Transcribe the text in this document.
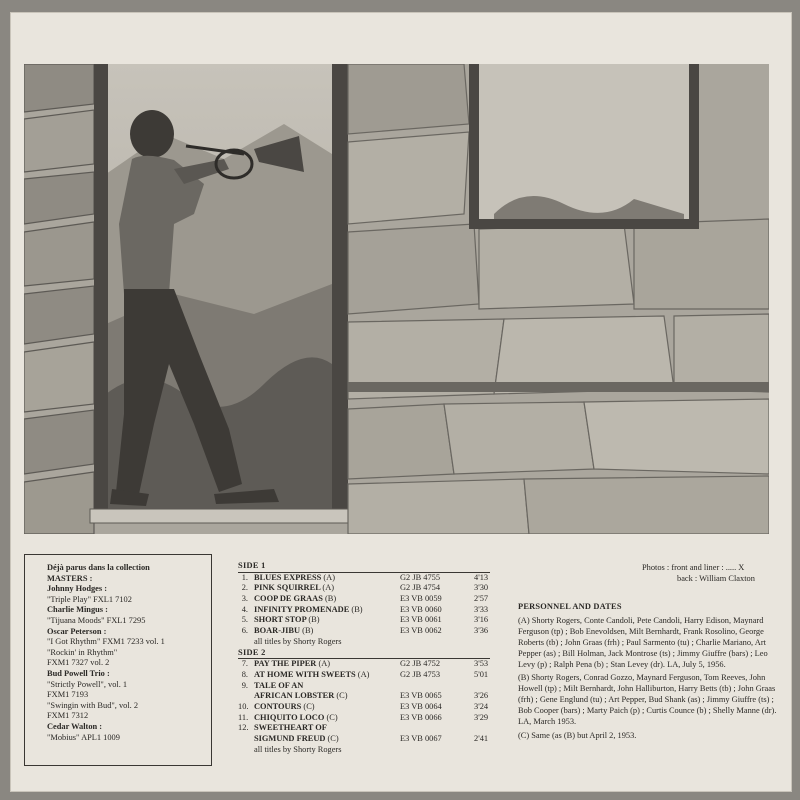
Déjà parus dans la collection
MASTERS :
Johnny Hodges :
"Triple Play" FXL1 7102
Charlie Mingus :
"Tijuana Moods" FXL1 7295
Oscar Peterson :
"I Got Rhythm" FXM1 7233 vol. 1
"Rockin' in Rhythm"
FXM1 7327 vol. 2
Bud Powell Trio :
"Strictly Powell", vol. 1
FXM1 7193
"Swingin with Bud", vol. 2
FXM1 7312
Cedar Walton :
"Mobius" APL1 1009
SIDE 1
1. BLUES EXPRESS (A)	G2 JB 4755	4'13
2. PINK SQUIRREL (A)	G2 JB 4754	3'30
3. COOP DE GRAAS (B)	E3 VB 0059	2'57
4. INFINITY PROMENADE (B)	E3 VB 0060	3'33
5. SHORT STOP (B)	E3 VB 0061	3'16
6. BOAR-JIBU (B)	E3 VB 0062	3'36
all titles by Shorty Rogers
SIDE 2
7. PAY THE PIPER (A)	G2 JB 4752	3'53
8. AT HOME WITH SWEETS (A)	G2 JB 4753	5'01
9. TALE OF AN
AFRICAN LOBSTER (C)	E3 VB 0065	3'26
10. CONTOURS (C)	E3 VB 0064	3'24
11. CHIQUITO LOCO (C)	E3 VB 0066	3'29
12. SWEETHEART OF
SIGMUND FREUD (C)	E3 VB 0067	2'41
all titles by Shorty Rogers
Photos : front and liner : ..... X
back : William Claxton
PERSONNEL AND DATES

(A) Shorty Rogers, Conte Candoli, Pete Candoli, Harry Edison, Maynard Ferguson (tp) ; Bob Enevoldsen, Milt Bernhardt, Frank Rosolino, George Roberts (tb) ; John Graas (frh) ; Paul Sarmento (tu) ; Charlie Mariano, Art Pepper (as) ; Bill Holman, Jack Montrose (ts) ; Jimmy Giuffre (bars) ; Leo Levy (p) ; Ralph Pena (b) ; Stan Levey (dr). LA, July 5, 1956.

(B) Shorty Rogers, Conrad Gozzo, Maynard Ferguson, Tom Reeves, John Howell (tp) ; Milt Bernhardt, John Halliburton, Harry Betts (tb) ; John Graas (frh) ; Gene Englund (tu) ; Art Pepper, Bud Shank (as) ; Jimmy Giuffre (ts) ; Bob Cooper (bars) ; Marty Paich (p) ; Curtis Counce (b) ; Shelly Manne (dr). LA, March 1953.

(C) Same (as (B) but April 2, 1953.
